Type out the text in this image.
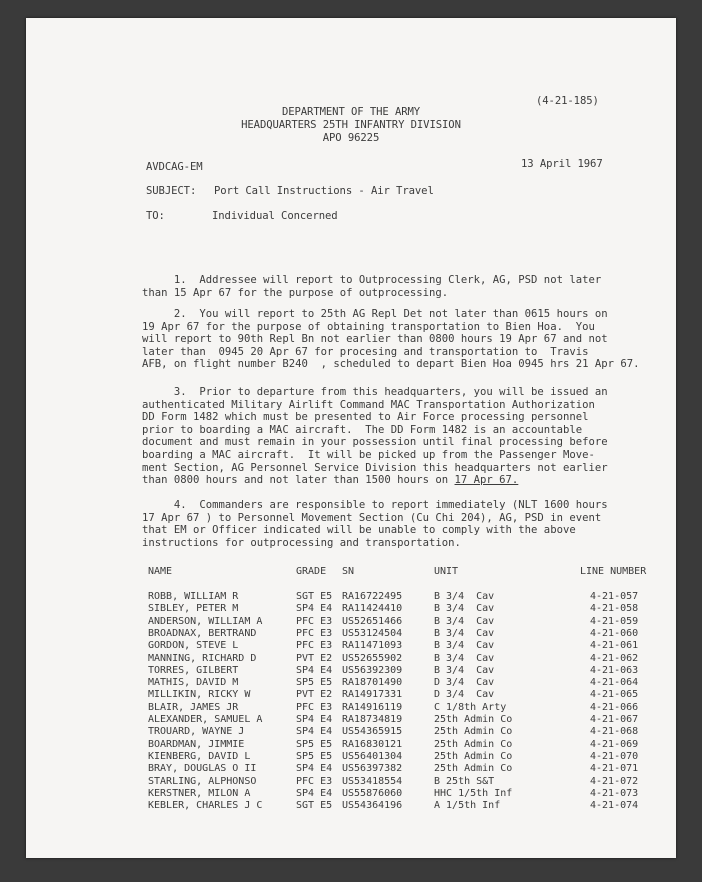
(4-21-185)
DEPARTMENT OF THE ARMY
HEADQUARTERS 25TH INFANTRY DIVISION
APO 96225
AVDCAG-EM	13 April 1967
SUBJECT: Port Call Instructions - Air Travel
TO:	Individual Concerned
1.  Addressee will report to Outprocessing Clerk, AG, PSD not later
than 15 Apr 67 for the purpose of outprocessing.
2.  You will report to 25th AG Repl Det not later than 0615 hours on
19 Apr 67 for the purpose of obtaining transportation to Bien Hoa.  You
will report to 90th Repl Bn not earlier than 0800 hours 19 Apr 67 and not
later than  0945 20 Apr 67 for procesing and transportation to  Travis
AFB, on flight number B240  , scheduled to depart Bien Hoa 0945 hrs 21 Apr 67.
3.  Prior to departure from this headquarters, you will be issued an
authenticated Military Airlift Command MAC Transportation Authorization
DD Form 1482 which must be presented to Air Force processing personnel
prior to boarding a MAC aircraft.  The DD Form 1482 is an accountable
document and must remain in your possession until final processing before
boarding a MAC aircraft.  It will be picked up from the Passenger Move-
ment Section, AG Personnel Service Division this headquarters not earlier
than 0800 hours and not later than 1500 hours on 17 Apr 67.
4.  Commanders are responsible to report immediately (NLT 1600 hours
17 Apr 67 ) to Personnel Movement Section (Cu Chi 204), AG, PSD in event
that EM or Officer indicated will be unable to comply with the above
instructions for outprocessing and transportation.
NAME	GRADE SN	UNIT	LINE NUMBER
ROBB, WILLIAM R	SGT E5 RA16722495	B 3/4  Cav	4-21-057
SIBLEY, PETER M	SP4 E4 RA11424410	B 3/4  Cav	4-21-058
ANDERSON, WILLIAM A	PFC E3 US52651466	B 3/4  Cav	4-21-059
BROADNAX, BERTRAND	PFC E3 US53124504	B 3/4  Cav	4-21-060
GORDON, STEVE L	PFC E3 RA11471093	B 3/4  Cav	4-21-061
MANNING, RICHARD D	PVT E2 US52655902	B 3/4  Cav	4-21-062
TORRES, GILBERT	SP4 E4 US56392309	B 3/4  Cav	4-21-063
MATHIS, DAVID M	SP5 E5 RA18701490	D 3/4  Cav	4-21-064
MILLIKIN, RICKY W	PVT E2 RA14917331	D 3/4  Cav	4-21-065
BLAIR, JAMES JR	PFC E3 RA14916119	C 1/8th Arty	4-21-066
ALEXANDER, SAMUEL A	SP4 E4 RA18734819	25th Admin Co	4-21-067
TROUARD, WAYNE J	SP4 E4 US54365915	25th Admin Co	4-21-068
BOARDMAN, JIMMIE	SP5 E5 RA16830121	25th Admin Co	4-21-069
KIENBERG, DAVID L	SP5 E5 US56401304	25th Admin Co	4-21-070
BRAY, DOUGLAS O II	SP4 E4 US56397382	25th Admin Co	4-21-071
STARLING, ALPHONSO	PFC E3 US53418554	B 25th S&T	4-21-072
KERSTNER, MILON A	SP4 E4 US55876060	HHC 1/5th Inf	4-21-073
KEBLER, CHARLES J C	SGT E5 US54364196	A 1/5th Inf	4-21-074
